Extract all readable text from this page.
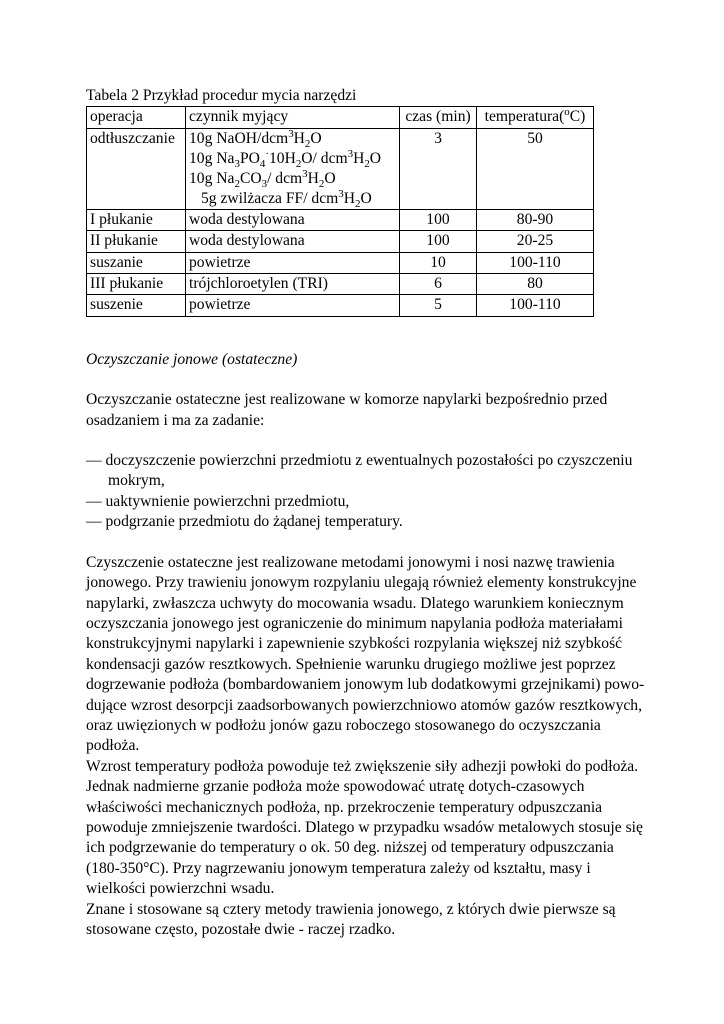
Tabela 2 Przykład procedur mycia narzędzi

operacja	czynnik myjący	czas (min)	temperatura($^o$C)
odtłuszczanie	10g NaOH/$dcm^3H_2O$
10g $Na_3PO_4^\cdot 10H_2O/$ $dcm^3H_2O$
10g $Na_2CO_3/$ $dcm^3H_2O$
5g zwilżacza FF/ $dcm^3H_2O$	3	50
I płukanie	woda destylowana	100	80-90
II płukanie	woda destylowana	100	20-25
suszanie	powietrze	10	100-110
III płukanie	trójchloroetylen (TRI)	6	80
suszenie	powietrze	5	100-110

Oczyszczanie jonowe (ostateczne)

Oczyszczanie ostateczne jest realizowane w komorze napylarki bezpośrednio przed osadzaniem i ma za zadanie:

— doczyszczenie powierzchni przedmiotu z ewentualnych pozostałości po czyszczeniu mokrym,
— uaktywnienie powierzchni przedmiotu,
— podgrzanie przedmiotu do żądanej temperatury.

Czyszczenie ostateczne jest realizowane metodami jonowymi i nosi nazwę trawienia jonowego. Przy trawieniu jonowym rozpylaniu ulegają również elementy konstrukcyjne napylarki, zwłaszcza uchwyty do mocowania wsadu. Dlatego warunkiem koniecznym oczyszczania jonowego jest ograniczenie do minimum napylania podłoża materiałami konstrukcyjnymi napylarki i zapewnienie szybkości rozpylania większej niż szybkość kondensacji gazów resztkowych. Spełnienie warunku drugiego możliwe jest poprzez dogrzewanie podłoża (bombardowaniem jonowym lub dodatkowymi grzejnikami) powo-dujące wzrost desorpcji zaadsorbowanych powierzchniowo atomów gazów resztkowych, oraz uwięzionych w podłożu jonów gazu roboczego stosowanego do oczyszczania podłoża.

Wzrost temperatury podłoża powoduje też zwiększenie siły adhezji powłoki do podłoża. Jednak nadmierne grzanie podłoża może spowodować utratę dotych-czasowych właściwości mechanicznych podłoża, np. przekroczenie temperatury odpuszczania powoduje zmniejszenie twardości. Dlatego w przypadku wsadów metalowych stosuje się ich podgrzewanie do temperatury o ok. 50 deg. niższej od temperatury odpuszczania (180-350°C). Przy nagrzewaniu jonowym temperatura zależy od kształtu, masy i wielkości powierzchni wsadu.

Znane i stosowane są cztery metody trawienia jonowego, z których dwie pierwsze są stosowane często, pozostałe dwie - raczej rzadko.
